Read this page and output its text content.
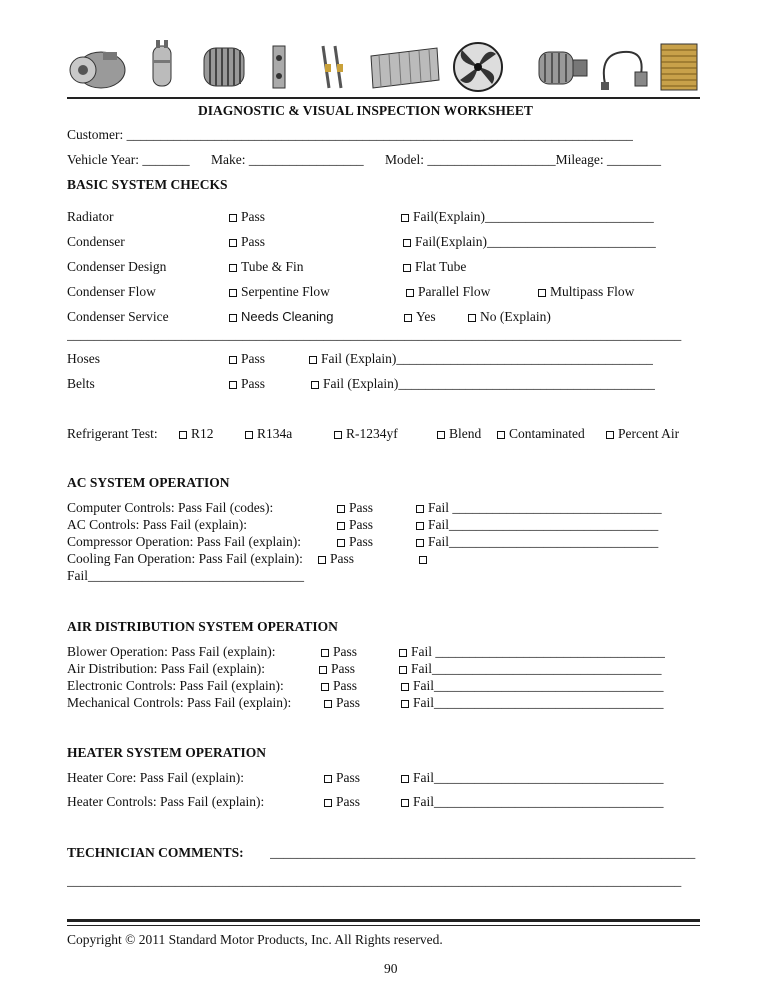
DIAGNOSTIC & VISUAL INSPECTION WORKSHEET
Customer: ___________________________________________________________________________
Vehicle Year: _______ Make: _________________ Model: ___________________Mileage: ________
BASIC SYSTEM CHECKS
Radiator	Pass	Fail(Explain)_________________________
Condenser	Pass	Fail(Explain)_________________________
Condenser Design	Tube & Fin	Flat Tube
Condenser Flow	Serpentine Flow	Parallel Flow	Multipass Flow
Condenser Service	Needs Cleaning	Yes	No (Explain)
___________________________________________________________________________________________
Hoses	Pass	Fail (Explain)______________________________________
Belts	Pass	Fail (Explain)______________________________________
Refrigerant Test:	R12	R134a	R-1234yf	Blend	Contaminated	Percent Air
AC SYSTEM OPERATION
Computer Controls: Pass Fail (codes):	Pass	Fail _______________________________
AC Controls: Pass Fail (explain):	Pass	Fail_______________________________
Compressor Operation: Pass Fail (explain):	Pass	Fail_______________________________
Cooling Fan Operation: Pass Fail (explain):	Pass
Fail________________________________
AIR DISTRIBUTION SYSTEM OPERATION
Blower Operation: Pass Fail (explain):	Pass	Fail __________________________________
Air Distribution: Pass Fail (explain):	Pass	Fail__________________________________
Electronic Controls: Pass Fail (explain):	Pass	Fail__________________________________
Mechanical Controls: Pass Fail (explain):	Pass	Fail__________________________________
HEATER SYSTEM OPERATION
Heater Core: Pass Fail (explain):	Pass	Fail__________________________________
Heater Controls: Pass Fail (explain):	Pass	Fail__________________________________
TECHNICIAN COMMENTS: _______________________________________________________________
___________________________________________________________________________________________
Copyright © 2011 Standard Motor Products, Inc. All Rights reserved.
90
